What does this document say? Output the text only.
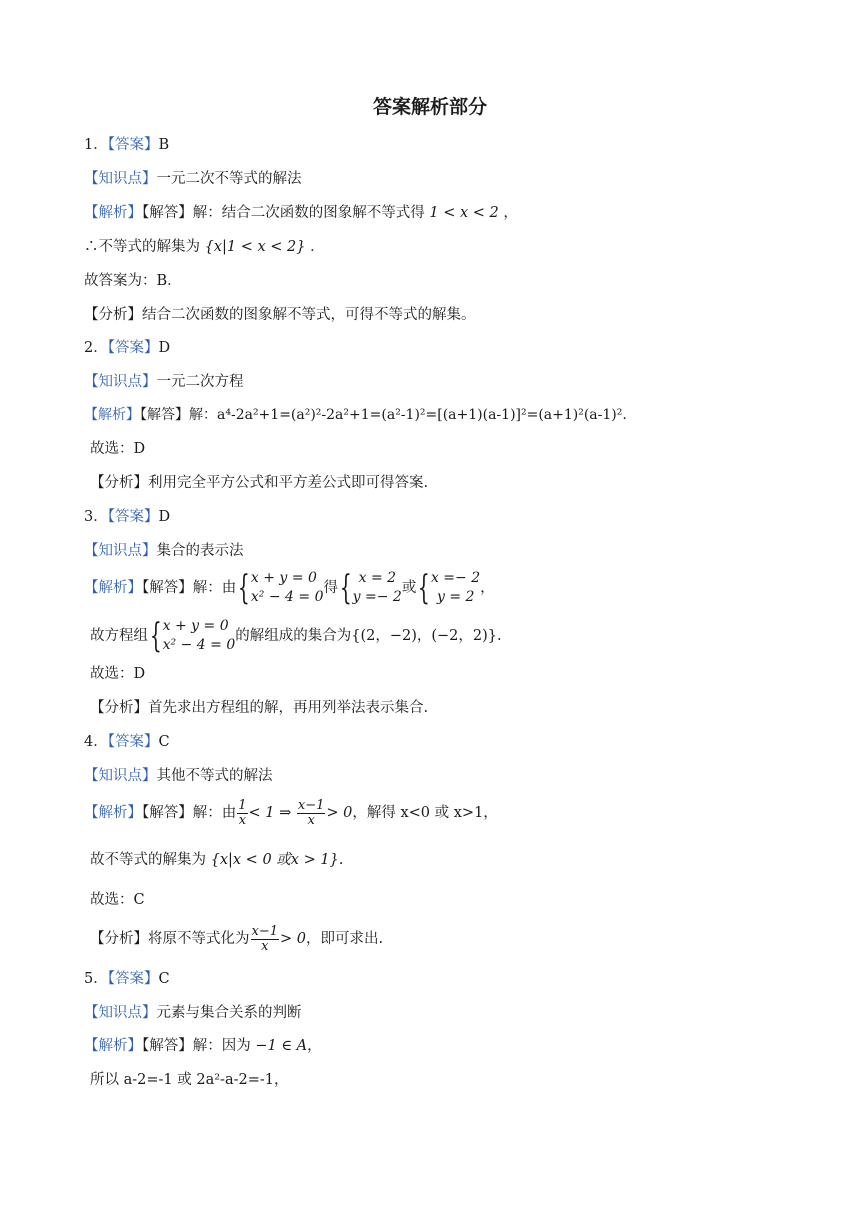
答案解析部分
1．【答案】B
【知识点】一元二次不等式的解法
【解析】【解答】解：结合二次函数的图象解不等式得 1 < x < 2 ，
∴不等式的解集为 {x|1 < x < 2} ．
故答案为：B．
【分析】结合二次函数的图象解不等式，可得不等式的解集。
2．【答案】D
【知识点】一元二次方程
【解析】【解答】解：a⁴-2a²+1=(a²)²-2a²+1=(a²-1)²=[(a+1)(a-1)]²=(a+1)²(a-1)².
故选：D
【分析】利用完全平方公式和平方差公式即可得答案.
3．【答案】D
【知识点】集合的表示法
【解析】【解答】解：由{ x + y = 0
x² − 4 = 0
得{ x = 2
y =− 2
或{ x =− 2
y = 2
，
故方程组{ x + y = 0
x² − 4 = 0
的解组成的集合为{(2，−2)，(−2，2)}.
故选：D
【分析】首先求出方程组的解，再用列举法表示集合.
4．【答案】C
【知识点】其他不等式的解法
【解析】【解答】解：由 $\frac{1}{x} < 1$ ⇒ $\frac{x-1}{x} > 0$，解得 x<0 或 x>1，
故不等式的解集为 {x|x < 0 或x > 1}.
故选：C
【分析】将原不等式化为 $\frac{x-1}{x} > 0$，即可求出.
5．【答案】C
【知识点】元素与集合关系的判断
【解析】【解答】解：因为 −1 ∈ A，
所以 a-2=-1 或 2a²-a-2=-1，
